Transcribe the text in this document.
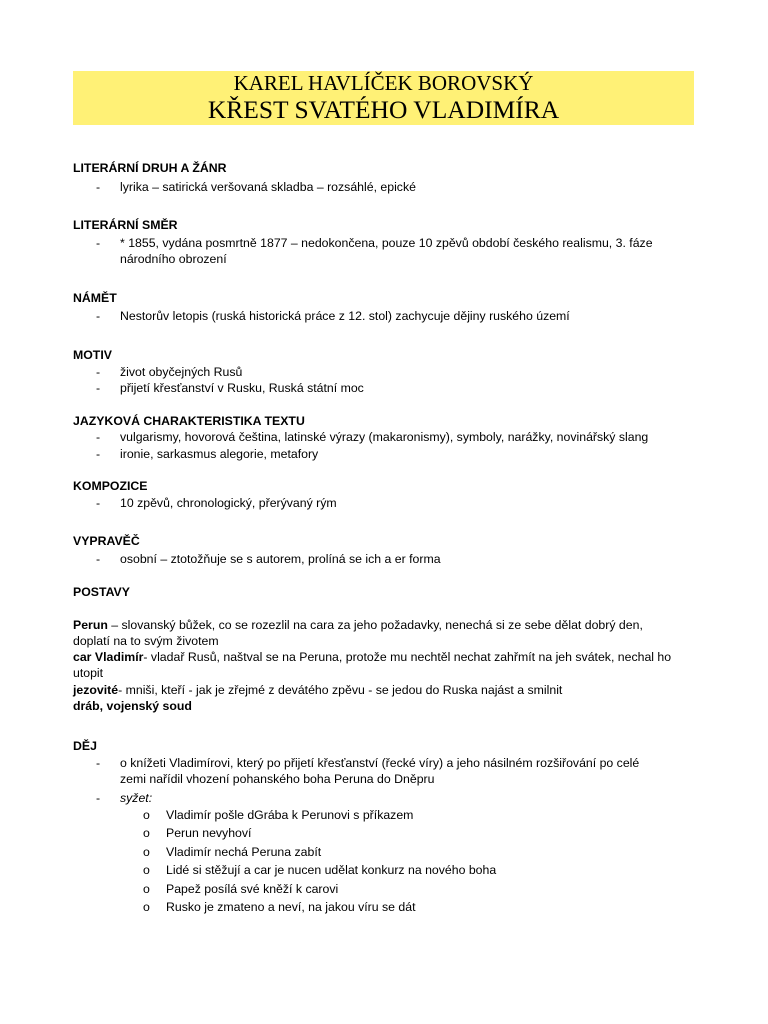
KAREL HAVLÍČEK BOROVSKÝ
KŘEST SVATÉHO VLADIMÍRA
LITERÁRNÍ DRUH A ŽÁNR
- lyrika – satirická veršovaná skladba – rozsáhlé, epické
LITERÁRNÍ SMĚR
- * 1855, vydána posmrtně 1877 – nedokončena, pouze 10 zpěvů období českého realismu, 3. fáze
národního obrození
NÁMĚT
- Nestorův letopis (ruská historická práce z 12. stol) zachycuje dějiny ruského území
MOTIV
- život obyčejných Rusů
- přijetí křesťanství v Rusku, Ruská státní moc
JAZYKOVÁ CHARAKTERISTIKA TEXTU
- vulgarismy, hovorová čeština, latinské výrazy (makaronismy), symboly, narážky, novinářský slang
- ironie, sarkasmus alegorie, metafory
KOMPOZICE
- 10 zpěvů, chronologický, přerývaný rým
VYPRAVĚČ
- osobní – ztotožňuje se s autorem, prolíná se ich a er forma
POSTAVY
Perun – slovanský bůžek, co se rozezlil na cara za jeho požadavky, nenechá si ze sebe dělat dobrý den,
doplatí na to svým životem
car Vladimír- vladař Rusů, naštval se na Peruna, protože mu nechtěl nechat zahřmít na jeh svátek, nechal ho
utopit
jezovité- mniši, kteří - jak je zřejmé z devátého zpěvu - se jedou do Ruska najást a smilnit
dráb, vojenský soud
DĚJ
- o knížeti Vladimírovi, který po přijetí křesťanství (řecké víry) a jeho násilném rozšiřování po celé
zemi nařídil vhození pohanského boha Peruna do Dněpru
- syžet:
o Vladimír pošle dGrába k Perunovi s příkazem
o Perun nevyhoví
o Vladimír nechá Peruna zabít
o Lidé si stěžují a car je nucen udělat konkurz na nového boha
o Papež posílá své kněží k carovi
o Rusko je zmateno a neví, na jakou víru se dát
